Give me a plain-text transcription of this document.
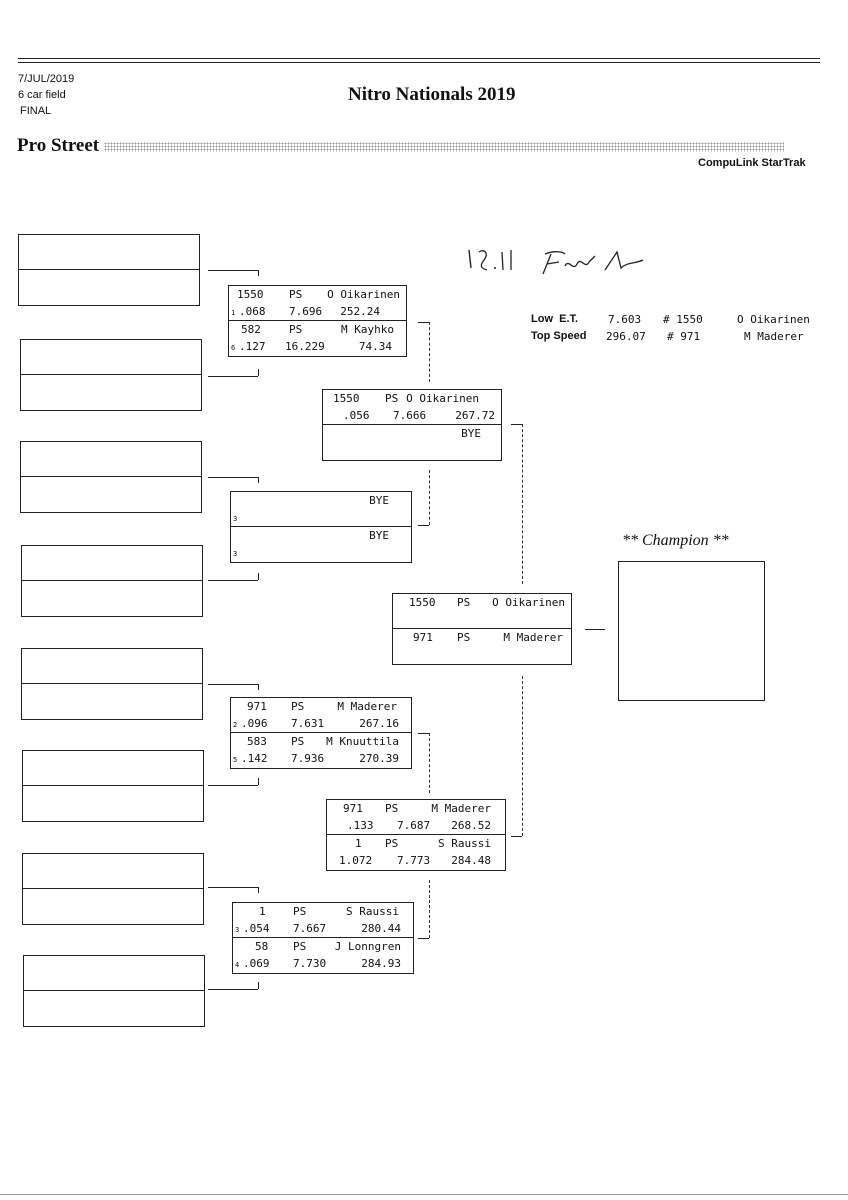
7/JUL/2019
6 car field
FINAL
Nitro Nationals 2019
Pro Street
CompuLink StarTrak
Low  E.T.	7.603 # 1550	O Oikarinen
Top Speed 296.07 # 971	M Maderer
1550 PS O Oikarinen
1 .068 7.696 252.24
582	PS	M Kayhko
6 .127 16.229	74.34
BYE
3
BYE
3
971 PS	M Maderer
2 .096 7.631	267.16
583 PS M Knuuttila
5 .142 7.936	270.39
1 PS	S Raussi
3 .054 7.667	280.44
58 PS	J Lonngren
4 .069 7.730	284.93
1550 PS O Oikarinen
.056 7.666	267.72
BYE
971 PS	M Maderer
.133 7.687 268.52
1 PS	S Raussi
1.072 7.773 284.48
1550 PS O Oikarinen
971 PS	M Maderer
** Champion **
